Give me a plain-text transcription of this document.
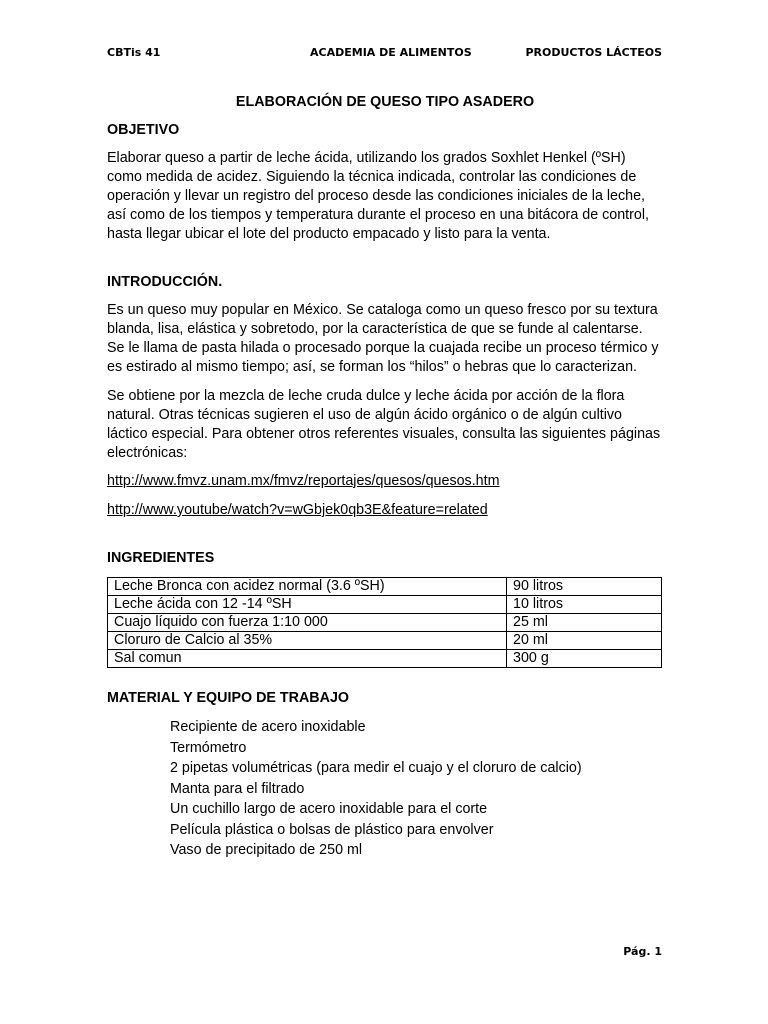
CBTis 41	ACADEMIA DE ALIMENTOS	PRODUCTOS LÁCTEOS
ELABORACIÓN DE QUESO TIPO ASADERO
OBJETIVO

Elaborar queso a partir de leche ácida, utilizando los grados Soxhlet Henkel (ºSH) como medida de acidez. Siguiendo la técnica indicada, controlar las condiciones de operación y llevar un registro del proceso desde las condiciones iniciales de la leche, así como de los tiempos y temperatura durante el proceso en una bitácora de control, hasta llegar ubicar el lote del producto empacado y listo para la venta.

INTRODUCCIÓN.

Es un queso muy popular en México. Se cataloga como un queso fresco por su textura blanda, lisa, elástica y sobretodo, por la característica de que se funde al calentarse. Se le llama de pasta hilada o procesado porque la cuajada recibe un proceso térmico y es estirado al mismo tiempo; así, se forman los “hilos” o hebras que lo caracterizan.

Se obtiene por la mezcla de leche cruda dulce y leche ácida por acción de la flora natural. Otras técnicas sugieren el uso de algún ácido orgánico o de algún cultivo láctico especial. Para obtener otros referentes visuales, consulta las siguientes páginas electrónicas:

http://www.fmvz.unam.mx/fmvz/reportajes/quesos/quesos.htm
http://www.youtube/watch?v=wGbjek0qb3E&feature=related
INGREDIENTES
Leche Bronca con acidez normal (3.6 ºSH)	90 litros
Leche ácida con 12 -14 ºSH	10 litros
Cuajo líquido con fuerza 1:10 000	25 ml
Cloruro de Calcio al 35%	20 ml
Sal comun	300 g
MATERIAL Y EQUIPO DE TRABAJO
Recipiente de acero inoxidable
Termómetro
2 pipetas volumétricas (para medir el cuajo y el cloruro de calcio)
Manta para el filtrado
Un cuchillo largo de acero inoxidable para el corte
Película plástica o bolsas de plástico para envolver
Vaso de precipitado de 250 ml
Pág. 1
